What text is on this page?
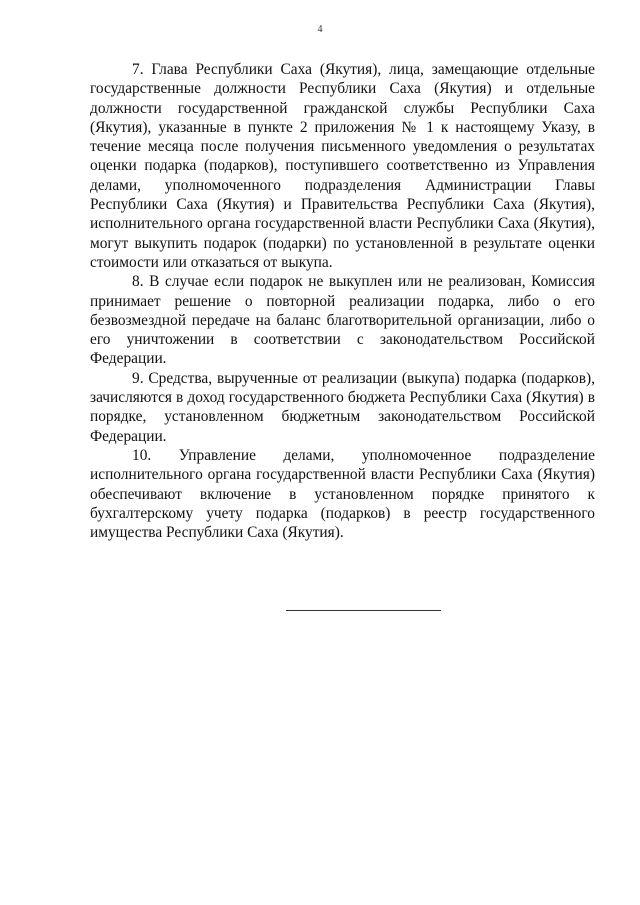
4

7. Глава Республики Саха (Якутия), лица, замещающие отдельные государственные должности Республики Саха (Якутия) и отдельные должности государственной гражданской службы Республики Саха (Якутия), указанные в пункте 2 приложения № 1 к настоящему Указу, в течение месяца после получения письменного уведомления о результатах оценки подарка (подарков), поступившего соответственно из Управления делами, уполномоченного подразделения Администрации Главы Республики Саха (Якутия) и Правительства Республики Саха (Якутия), исполнительного органа государственной власти Республики Саха (Якутия), могут выкупить подарок (подарки) по установленной в результате оценки стоимости или отказаться от выкупа.

8. В случае если подарок не выкуплен или не реализован, Комиссия принимает решение о повторной реализации подарка, либо о его безвозмездной передаче на баланс благотворительной организации, либо о его уничтожении в соответствии с законодательством Российской Федерации.

9. Средства, вырученные от реализации (выкупа) подарка (подарков), зачисляются в доход государственного бюджета Республики Саха (Якутия) в порядке, установленном бюджетным законодательством Российской Федерации.

10. Управление делами, уполномоченное подразделение исполнительного органа государственной власти Республики Саха (Якутия) обеспечивают включение в установленном порядке принятого к бухгалтерскому учету подарка (подарков) в реестр государственного имущества Республики Саха (Якутия).
